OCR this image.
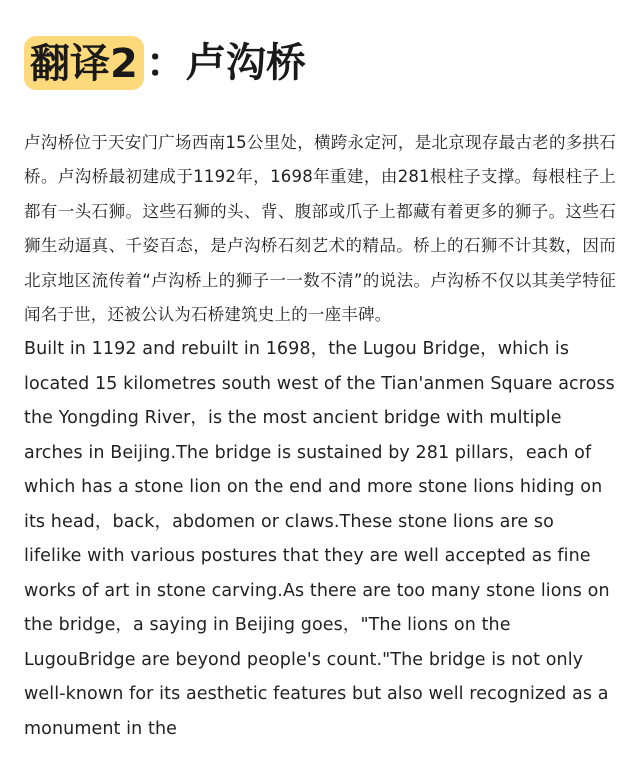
翻译2 ：卢沟桥

卢沟桥位于天安门广场西南15公里处，横跨永定河，是北京现存最古老的多拱石桥。卢沟桥最初建成于1192年，1698年重建，由281根柱子支撑。每根柱子上都有一头石狮。这些石狮的头、背、腹部或爪子上都藏有着更多的狮子。这些石狮生动逼真、千姿百态，是卢沟桥石刻艺术的精品。桥上的石狮不计其数，因而北京地区流传着“卢沟桥上的狮子一一数不清”的说法。卢沟桥不仅以其美学特征闻名于世，还被公认为石桥建筑史上的一座丰碑。

Built in 1192 and rebuilt in 1698，the Lugou Bridge，which is located 15 kilometres south west of the Tian'anmen Square across the Yongding River，is the most ancient bridge with multiple arches in Beijing.The bridge is sustained by 281 pillars，each of which has a stone lion on the end and more stone lions hiding on its head，back，abdomen or claws.These stone lions are so lifelike with various postures that they are well accepted as fine works of art in stone carving.As there are too many stone lions on the bridge，a saying in Beijing goes，"The lions on the LugouBridge are beyond people's count."The bridge is not only well-known for its aesthetic features but also well recognized as a monument in the
